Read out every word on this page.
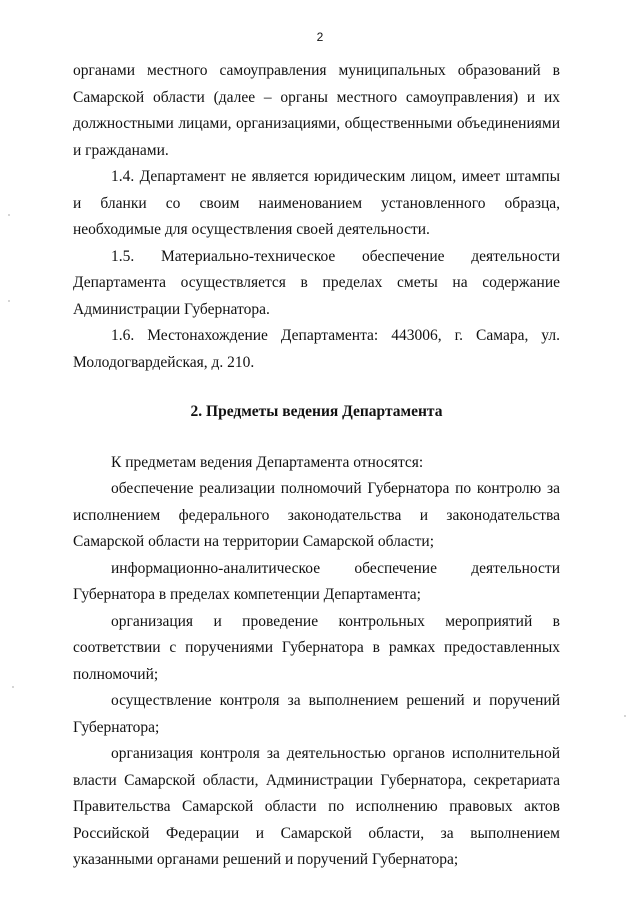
2

органами местного самоуправления муниципальных образований в Самарской области (далее – органы местного самоуправления) и их должностными лицами, организациями, общественными объединениями и гражданами.

1.4. Департамент не является юридическим лицом, имеет штампы и бланки со своим наименованием установленного образца, необходимые для осуществления своей деятельности.

1.5. Материально-техническое обеспечение деятельности Департамента осуществляется в пределах сметы на содержание Администрации Губернатора.

1.6. Местонахождение Департамента: 443006, г. Самара, ул. Молодогвардейская, д. 210.

2. Предметы ведения Департамента

К предметам ведения Департамента относятся:

обеспечение реализации полномочий Губернатора по контролю за исполнением федерального законодательства и законодательства Самарской области на территории Самарской области;

информационно-аналитическое обеспечение деятельности Губернатора в пределах компетенции Департамента;

организация и проведение контрольных мероприятий в соответствии с поручениями Губернатора в рамках предоставленных полномочий;

осуществление контроля за выполнением решений и поручений Губернатора;

организация контроля за деятельностью органов исполнительной власти Самарской области, Администрации Губернатора, секретариата Правительства Самарской области по исполнению правовых актов Российской Федерации и Самарской области, за выполнением указанными органами решений и поручений Губернатора;
